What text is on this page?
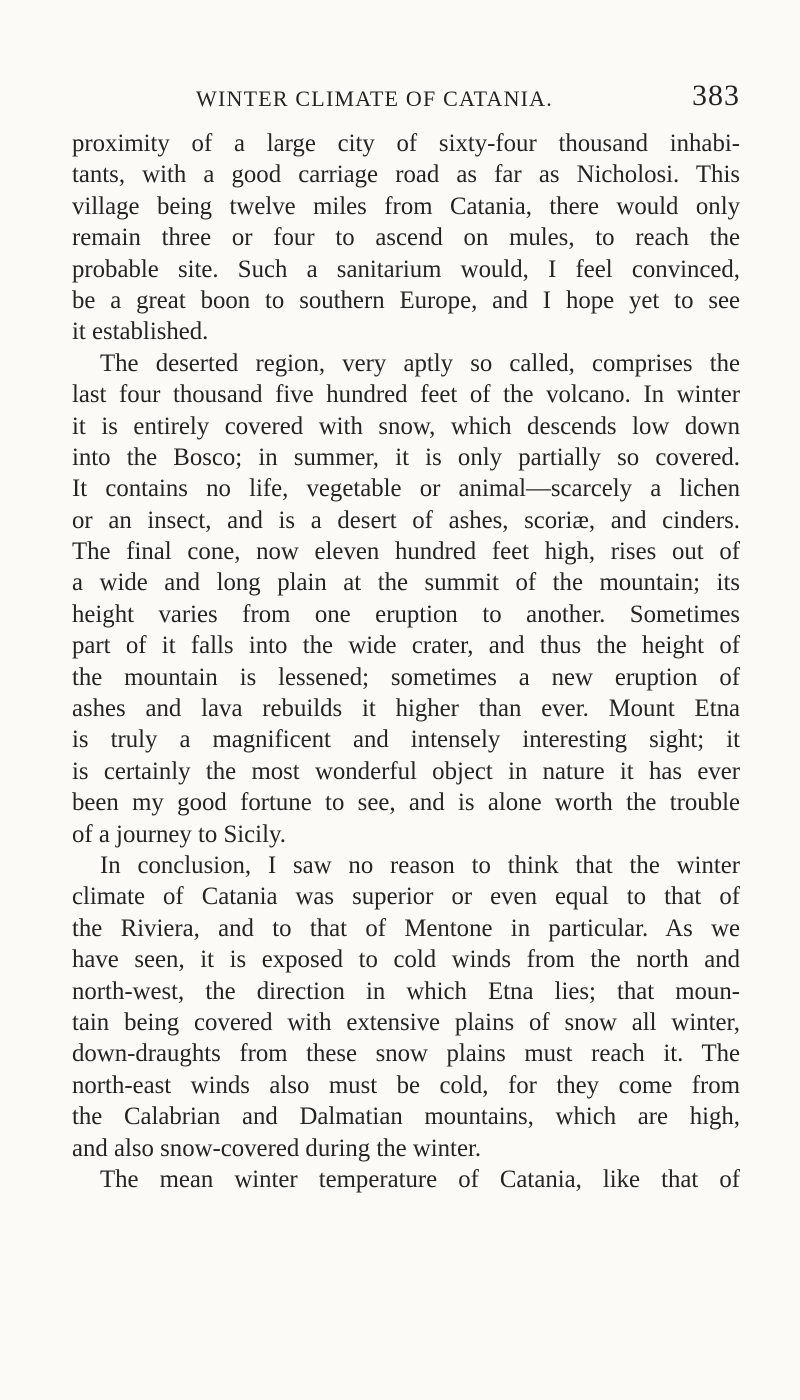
WINTER CLIMATE OF CATANIA.	383
proximity of a large city of sixty-four thousand inhabi-
tants, with a good carriage road as far as Nicholosi. This
village being twelve miles from Catania, there would only
remain three or four to ascend on mules, to reach the
probable site. Such a sanitarium would, I feel convinced,
be a great boon to southern Europe, and I hope yet to see
it established.
The deserted region, very aptly so called, comprises the
last four thousand five hundred feet of the volcano. In winter
it is entirely covered with snow, which descends low down
into the Bosco; in summer, it is only partially so covered.
It contains no life, vegetable or animal—scarcely a lichen
or an insect, and is a desert of ashes, scoriæ, and cinders.
The final cone, now eleven hundred feet high, rises out of
a wide and long plain at the summit of the mountain; its
height varies from one eruption to another. Sometimes
part of it falls into the wide crater, and thus the height of
the mountain is lessened; sometimes a new eruption of
ashes and lava rebuilds it higher than ever. Mount Etna
is truly a magnificent and intensely interesting sight; it
is certainly the most wonderful object in nature it has ever
been my good fortune to see, and is alone worth the trouble
of a journey to Sicily.
In conclusion, I saw no reason to think that the winter
climate of Catania was superior or even equal to that of
the Riviera, and to that of Mentone in particular. As we
have seen, it is exposed to cold winds from the north and
north-west, the direction in which Etna lies; that moun-
tain being covered with extensive plains of snow all winter,
down-draughts from these snow plains must reach it. The
north-east winds also must be cold, for they come from
the Calabrian and Dalmatian mountains, which are high,
and also snow-covered during the winter.
The mean winter temperature of Catania, like that of
